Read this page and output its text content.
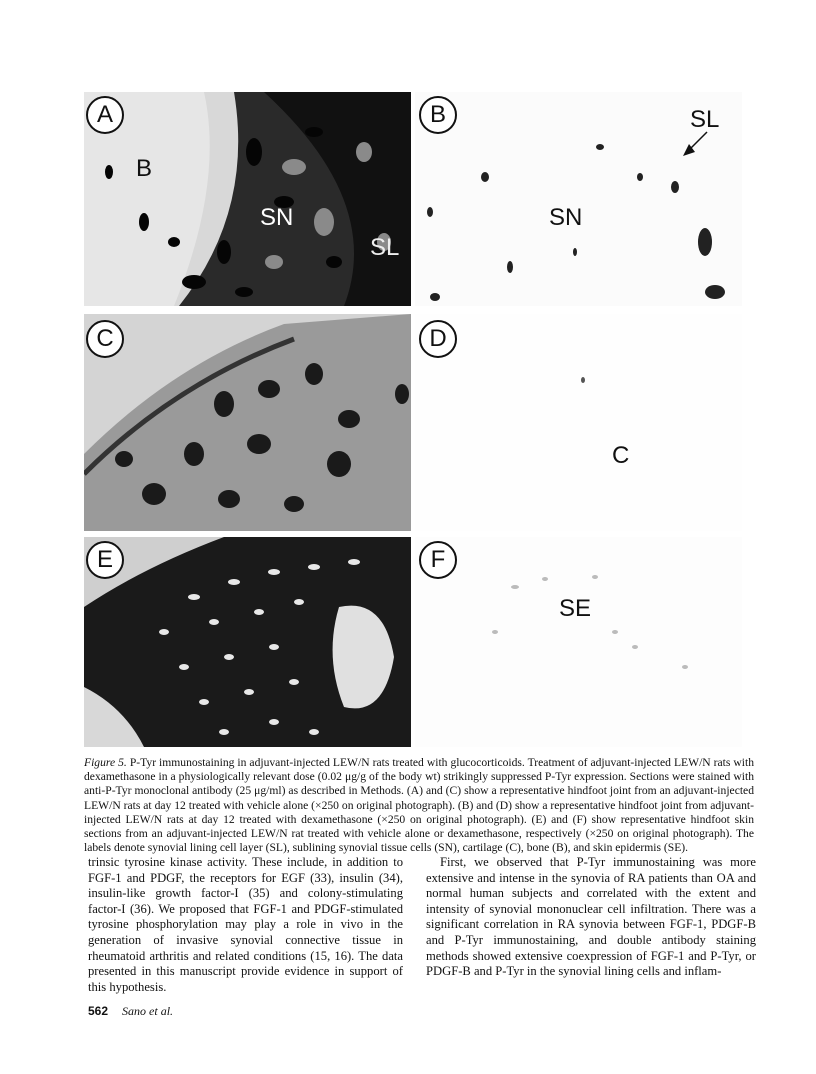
A
B
SN
SL
B	SL
SN
C	D
C
E	F
SE
Figure 5. P-Tyr immunostaining in adjuvant-injected LEW/N rats treated with glucocorticoids. Treatment of adjuvant-injected LEW/N rats with dexamethasone in a physiologically relevant dose (0.02 μg/g of the body wt) strikingly suppressed P-Tyr expression. Sections were stained with anti-P-Tyr monoclonal antibody (25 μg/ml) as described in Methods. (A) and (C) show a representative hindfoot joint from an adjuvant-injected LEW/N rats at day 12 treated with vehicle alone (×250 on original photograph). (B) and (D) show a representative hindfoot joint from adjuvant-injected LEW/N rats at day 12 treated with dexamethasone (×250 on original photograph). (E) and (F) show representative hindfoot skin sections from an adjuvant-injected LEW/N rat treated with vehicle alone or dexamethasone, respectively (×250 on original photograph). The labels denote synovial lining cell layer (SL), sublining synovial tissue cells (SN), cartilage (C), bone (B), and skin epidermis (SE).

trinsic tyrosine kinase activity. These include, in addition to FGF-1 and PDGF, the receptors for EGF (33), insulin (34), insulin-like growth factor-I (35) and colony-stimulating factor-I (36). We proposed that FGF-1 and PDGF-stimulated tyrosine phosphorylation may play a role in vivo in the generation of invasive synovial connective tissue in rheumatoid arthritis and related conditions (15, 16). The data presented in this manuscript provide evidence in support of this hypothesis.

First, we observed that P-Tyr immunostaining was more extensive and intense in the synovia of RA patients than OA and normal human subjects and correlated with the extent and intensity of synovial mononuclear cell infiltration. There was a significant correlation in RA synovia between FGF-1, PDGF-B and P-Tyr immunostaining, and double antibody staining methods showed extensive coexpression of FGF-1 and P-Tyr, or PDGF-B and P-Tyr in the synovial lining cells and inflam-

562 Sano et al.
